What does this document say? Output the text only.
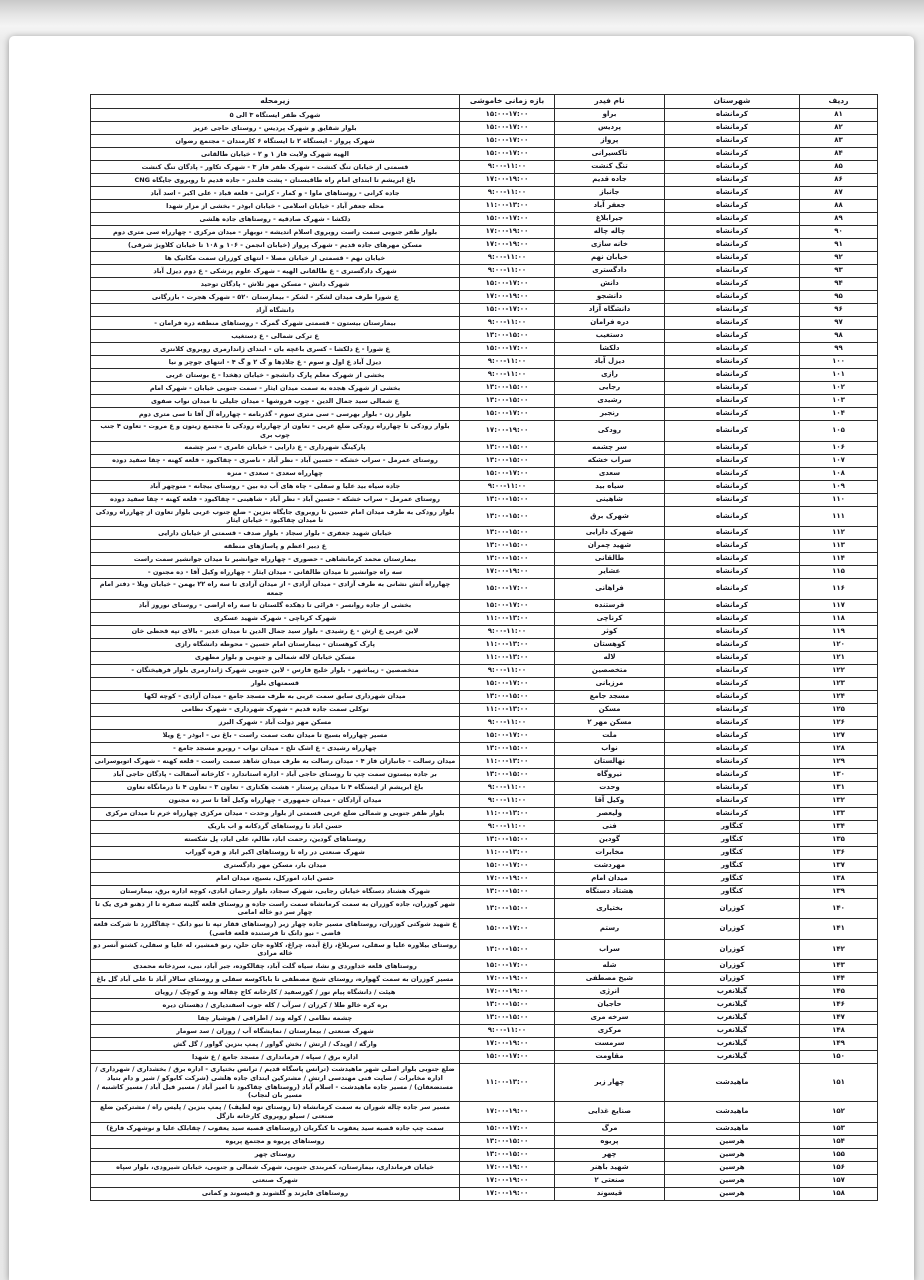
ردیف	شهرستان	نام فیدر	بازه زمانی خاموشی	زیرمحله
۸۱	کرمانشاه	براو	۱۵:۰۰-۱۷:۰۰	شهرک ظفر ایستگاه ۳ الی ۵
۸۲	کرمانشاه	پردیس	۱۵:۰۰-۱۷:۰۰	بلوار شقایق و شهرک پردیس - روستای حاجی عزیز
۸۳	کرمانشاه	پرواز	۱۵:۰۰-۱۷:۰۰	شهرک پرواز - ایستگاه ۲ تا ایستگاه ۶ کارمندان - مجتمع رضوان
۸۴	کرمانشاه	تاکسیرانی	۱۵:۰۰-۱۷:۰۰	الهیه شهرک ولایت فاز ۱ و ۲ - خیابان طالقانی
۸۵	کرمانشاه	تنگ کنشت	۹:۰۰-۱۱:۰۰	قسمتی از خیابان تنگ کنشت - شهرک ظفر فاز ۳ - شهرک تکاور - پادگان تنگ کنشت
۸۶	کرمانشاه	جاده قدیم	۱۷:۰۰-۱۹:۰۰	باغ ابریشم تا ابتدای امام راه طاقبستان - پشت قلندر - جاده قدیم تا روبروی جایگاه CNG
۸۷	کرمانشاه	جانباز	۹:۰۰-۱۱:۰۰	جاده کرانی - روستاهای ماوا - و کمار - کرانی - قلعه قباد - علی اکبر - اسد آباد
۸۸	کرمانشاه	جعفر آباد	۱۱:۰۰-۱۳:۰۰	محله جعفر آباد - خیابان اسلامی - خیابان ابوذر - بخشی از مزار شهدا
۸۹	کرمانشاه	جیرابلاغ	۱۵:۰۰-۱۷:۰۰	دلکشا - شهرک صادقیه - روستاهای جاده هلشی
۹۰	کرمانشاه	چاله چاله	۱۷:۰۰-۱۹:۰۰	بلوار ظفر جنوبی سمت راست روبروی اسلام اندیشه - نوبهار - میدان مرکزی - چهارراه سی متری دوم
۹۱	کرمانشاه	خانه سازی	۱۷:۰۰-۱۹:۰۰	مسکن مهرهای جاده قدیم - شهرک پرواز (خیابان انجمن - ۱۰۶ و ۱۰۸ تا خیابان کلاویژ شرقی)
۹۲	کرمانشاه	خیابان نهم	۹:۰۰-۱۱:۰۰	خیابان نهم - قسمتی از خیابان مصلا - انتهای کوزران سمت مکانیک ها
۹۳	کرمانشاه	دادگستری	۹:۰۰-۱۱:۰۰	شهرک دادگستری - ع طالقانی الهیه - شهرک علوم پزشکی - ع دوم دیزل آباد
۹۴	کرمانشاه	دانش	۱۵:۰۰-۱۷:۰۰	شهرک دانش - مسکن مهر تلاش - پادگان توحید
۹۵	کرمانشاه	دانشجو	۱۷:۰۰-۱۹:۰۰	ع شورا طرف میدان لشکر - لشکر - بیمارستان ۵۲۰ - شهرک هجرت - بازرگانی
۹۶	کرمانشاه	دانشگاه آزاد	۱۵:۰۰-۱۷:۰۰	دانشگاه آزاد
۹۷	کرمانشاه	دره فرامان	۹:۰۰-۱۱:۰۰	بیمارستان بیستون - قسمتی شهرک گمرک - روستاهای منطقه دره فرامان -
۹۸	کرمانشاه	دستغیب	۱۳:۰۰-۱۵:۰۰	ع ترکی شمالی - ع دستغیب
۹۹	کرمانشاه	دلکشا	۱۵:۰۰-۱۷:۰۰	ع شورا - ع دلکشا - کسری باغچه بان - ابتدای ژاندارمری روبروی کلانتری
۱۰۰	کرمانشاه	دیزل آباد	۹:۰۰-۱۱:۰۰	دیزل آباد ع اول و سوم - ع جلادها و گ ۲ و گ ۴ - انتهای جوچر و نیا
۱۰۱	کرمانشاه	رازی	۹:۰۰-۱۱:۰۰	بخشی از شهرک معلم پارک دانشجو - خیابان دهخدا - ع بوستان غربی
۱۰۲	کرمانشاه	رجایی	۱۳:۰۰-۱۵:۰۰	بخشی از شهرک هجده به سمت میدان ایثار - سمت جنوبی خیابان - شهرک امام
۱۰۳	کرمانشاه	رشیدی	۱۳:۰۰-۱۵:۰۰	ع شمالی سید جمال الدین - چوب فروشها - میدان جلیلی تا میدان نواب صفوی
۱۰۴	کرمانشاه	رنجبر	۱۵:۰۰-۱۷:۰۰	بلوار زن - بلوار بهرسی - سی متری سوم - گذرنامه - چهارراه آل آقا تا سی متری دوم
۱۰۵	کرمانشاه	رودکی	۱۷:۰۰-۱۹:۰۰	بلوار رودکی تا چهارراه رودکی ضلع غربی - تعاون از چهارراه رودکی تا مجتمع زیتون و ع مروت - تعاون ۴ جنب چوب بری
۱۰۶	کرمانشاه	سر چشمه	۱۳:۰۰-۱۵:۰۰	پارکینگ شهرداری - ع دارایی - خیابان عامری - سر چشمه
۱۰۷	کرمانشاه	سراب خشکه	۱۳:۰۰-۱۵:۰۰	روستای عمرمل - سراب خشکه - حسین آباد - نظر آباد - ناصری - چقاکبود - قلعه کهنه - چقا سفید دوده
۱۰۸	کرمانشاه	سعدی	۱۵:۰۰-۱۷:۰۰	چهارراه سعدی - سعدی - منزه
۱۰۹	کرمانشاه	سیاه بید	۹:۰۰-۱۱:۰۰	جاده سیاه بید علیا و سفلی - چاه های آب ده بین - روستای بیجانه - منوچهر آباد
۱۱۰	کرمانشاه	شاهینی	۱۳:۰۰-۱۵:۰۰	روستای عمرمل - سراب خشکه - حسین آباد - نظر آباد - شاهینی - چقاکبود - قلعه کهنه - چقا سفید دوده
۱۱۱	کرمانشاه	شهرک برق	۱۳:۰۰-۱۵:۰۰	بلوار رودکی به طرف میدان امام حسین تا روبروی جایگاه بنزین - ضلع جنوب غربی بلوار تعاون از چهارراه رودکی تا میدان چقاکبود - خیابان ایثار
۱۱۲	کرمانشاه	شهرک دارایی	۱۳:۰۰-۱۵:۰۰	خیابان شهید جعفری - بلوار سجاد - بلوار صدف - قسمتی از خیابان دارایی
۱۱۳	کرمانشاه	شهید چمران	۱۳:۰۰-۱۵:۰۰	ع دبیر اعظم و پاساژهای منطقه
۱۱۴	کرمانشاه	طالقانی	۱۳:۰۰-۱۵:۰۰	بیمارستان محمد کرمانشاهی - حصوری - چهارراه جوانشیر تا میدان جوانشیر سمت راست
۱۱۵	کرمانشاه	عشایر	۱۷:۰۰-۱۹:۰۰	سه راه جوانشیر تا میدان طالقانی - میدان ایثار - چهارراه وکیل آقا - ده مجنون -
۱۱۶	کرمانشاه	فراهانی	۱۵:۰۰-۱۷:۰۰	چهارراه آتش نشانی به طرف آزادی - میدان آزادی - از میدان آزادی تا سه راه ۲۲ بهمن - خیابان ویلا - دفتر امام جمعه
۱۱۷	کرمانشاه	فرستنده	۱۵:۰۰-۱۷:۰۰	بخشی از جاده روانسر - قرائی تا دهکده گلستان تا سه راه اراضی - روستای نوروز آباد
۱۱۸	کرمانشاه	کرناچی	۱۱:۰۰-۱۳:۰۰	شهرک کرناچی - شهرک شهید عسکری
۱۱۹	کرمانشاه	کوثر	۹:۰۰-۱۱:۰۰	لاین غربی ع ارش - ع رشیدی - بلوار سید جمال الدین تا میدان غدیر - بالای تپه قحطی خان
۱۲۰	کرمانشاه	کوهستان	۱۱:۰۰-۱۳:۰۰	پارک کوهستان - بیمارستان امام حسین - محوطه دانشگاه رازی
۱۲۱	کرمانشاه	لاله	۱۱:۰۰-۱۳:۰۰	مسکن خیابان لاله شمالی و جنوبی و بلوار مطهری
۱۲۲	کرمانشاه	متخصصین	۹:۰۰-۱۱:۰۰	متخصصین - زیباشهر - بلوار خلیج فارس - لاین جنوبی شهرک ژاندارمری بلوار فرهیختگان -
۱۲۳	کرمانشاه	مرزبانی	۱۵:۰۰-۱۷:۰۰	قسمتهای بلوار
۱۲۴	کرمانشاه	مسجد جامع	۱۳:۰۰-۱۵:۰۰	میدان شهرداری سابق سمت غربی به طرف مسجد جامع - میدان آزادی - کوچه لکها
۱۲۵	کرمانشاه	مسکن	۱۱:۰۰-۱۳:۰۰	توکلی سمت جاده قدیم - شهرک شهرداری - شهرک نظامی
۱۲۶	کرمانشاه	مسکن مهر ۲	۹:۰۰-۱۱:۰۰	مسکن مهر دولت آباد - شهرک البرز
۱۲۷	کرمانشاه	ملت	۱۵:۰۰-۱۷:۰۰	مسیر چهارراه بسیج تا میدان نفت سمت راست - باغ نی - ابوذر - ع ویلا
۱۲۸	کرمانشاه	نواب	۱۳:۰۰-۱۵:۰۰	چهارراه رشیدی - ع اشک تلخ - میدان نواب - روبرو مسجد جامع -
۱۲۹	کرمانشاه	نهالستان	۱۱:۰۰-۱۳:۰۰	میدان رسالت - جانبازان فاز ۴ - میدان رسالت به طرف میدان شاهد سمت راست - قلعه کهنه - شهرک اتوبوسرانی
۱۳۰	کرمانشاه	نیروگاه	۱۳:۰۰-۱۵:۰۰	بر جاده بیستون سمت چپ تا روستای حاجی آباد - اداره استاندارد - کارخانه آسفالت - پادگان حاجی آباد
۱۳۱	کرمانشاه	وحدت	۹:۰۰-۱۱:۰۰	باغ ابریشم از ایستگاه ۴ تا میدان پرستار - هشت هکتاری - تعاون ۳ - تعاون ۴ تا درمانگاه تعاون
۱۳۲	کرمانشاه	وکیل آقا	۹:۰۰-۱۱:۰۰	میدان آزادگان - میدان جمهوری - چهارراه وکیل آقا تا سر ده مجنون
۱۳۳	کرمانشاه	ولیعصر	۱۱:۰۰-۱۳:۰۰	بلوار ظفر جنوبی و شمالی ضلع غربی قسمتی از بلوار وحدت - میدان مرکزی چهارراه خرم تا میدان مرکزی
۱۳۴	کنگاور	فنی	۹:۰۰-۱۱:۰۰	حسن اباد تا روستاهای گردکانه و اب باریک
۱۳۵	کنگاور	گودین	۱۳:۰۰-۱۵:۰۰	روستاهای گودین، رحمت اباد، طالم، علی اباد، پل شکسته
۱۳۶	کنگاور	مخابرات	۱۱:۰۰-۱۳:۰۰	شهرک صنعتی در راه تا روستاهای اکبر اباد و قره گوراب
۱۳۷	کنگاور	مهردشت	۱۵:۰۰-۱۷:۰۰	میدان بار، مسکن مهر دادگستری
۱۳۸	کنگاور	میدان امام	۱۷:۰۰-۱۹:۰۰	حسن اباد، امورکل، بسیج، میدان امام
۱۳۹	کنگاور	هشتاد دستگاه	۱۳:۰۰-۱۵:۰۰	شهرک هشتاد دستگاه خیابان رجایی، شهرک سجاد، بلوار رحمان ابادی، کوچه اداره برق، بیمارستان
۱۴۰	کوزران	بختیاری	۱۳:۰۰-۱۵:۰۰	شهر کوزران، جاده کوزران به سمت کرمانشاه سمت راست جاده و روستای قلعه گلینه سفره تا از دهنو قری یک تا چهار سر دو خاله امامی
۱۴۱	کوزران	رستم	۱۵:۰۰-۱۷:۰۰	ع شهید شوکتی کوزران، روستاهای مسیر جاده چهار زبر (روستاهای فقار تپه تا نیو دانک - چقاگلزرد تا شرکت قلعه قاضی - نیو دانک تا فرستنده قلعه قاضی)
۱۴۲	کوزران	سراب	۱۳:۰۰-۱۵:۰۰	روستای بیلاوره علیا و سفلی، سربلاغ، زاغ آبده، چراغ، کلاوه جان حلن، رنو قمشیر، له علیا و سفلی، کشتو آنسر دو خاله مرادی
۱۴۳	کوزران	شله	۱۵:۰۰-۱۷:۰۰	روستاهای قلعه خداوردی و نشا، سیاه گلت آباد، چقالکوده، جبر آباد، نبی، سردخانه محمدی
۱۴۴	کوزران	شیخ مصطفی	۱۷:۰۰-۱۹:۰۰	مسیر کوزران به سمت گهواره، روستای شیخ مصطفی تا باباکوسه سفلی و روستای سالار آباد تا علی آباد گل باغ
۱۴۵	گیلانغرب	انرژی	۱۷:۰۰-۱۹:۰۰	هیئت / دانشگاه پیام نور / کورسفید / کارخانه کاج چقاله وند و کوچک / رویان
۱۴۶	گیلانغرب	حاجیان	۱۳:۰۰-۱۵:۰۰	بره کره خالو طلا / کرزان / سرآب / کله جوب اسفندیاری / دهستان دیره
۱۴۷	گیلانغرب	سرخه مری	۱۳:۰۰-۱۵:۰۰	چشمه نظامی / کوله وند / اطرافی / هوشیار چقا
۱۴۸	گیلانغرب	مرکزی	۹:۰۰-۱۱:۰۰	شهرک صنعتی / بیمارستان / نمایشگاه آب / روزان / سد سومار
۱۴۹	گیلانغرب	سرمست	۱۷:۰۰-۱۹:۰۰	وارگه / اویدک / ارتش / بخش گواور / پمپ بنزین گواور / گل گش
۱۵۰	گیلانغرب	مقاومت	۱۵:۰۰-۱۷:۰۰	اداره برق / سپاه / فرمانداری / مسجد جامع / ع شهدا
۱۵۱	ماهیدشت	چهار زبر	۱۱:۰۰-۱۳:۰۰	ضلع جنوبی بلوار اصلی شهر ماهیدشت (ترانس پاسگاه قدیم / ترانس بختیاری - اداره برق / بخشداری / شهرداری / اداره مخابرات / سایت فنی مهندسی ارتش / مشترکین ابتدای جاده هلشی (شرکت کابوکو / شیر و دام بنیاد مستضعفان) / مسیر جاده ماهیدشت - اسلام آباد (روستاهای چقاکبود تا امیر آباد / مسیر فیل آباد / مسیر کاشنبه / مسیر بان لنجاب)
۱۵۲	ماهیدشت	صنایع غذایی	۱۷:۰۰-۱۹:۰۰	مسیر سر جاده چاله شوران به سمت کرمانشاه (تا روستای نوه لطیف) / پمپ بنزین / پلیس راه / مشترکین ضلع صنعتی / سیلو روبروی کارخانه نازگل
۱۵۳	ماهیدشت	مرگ	۱۵:۰۰-۱۷:۰۰	سمت چپ جاده قصبه سید یعقوب تا کنگربان (روستاهای قصبه سید یعقوب / چقابلک علیا و نوشهرک فارغ)
۱۵۴	هرسین	پریوه	۱۳:۰۰-۱۵:۰۰	روستاهای پریوه و مجتمع پریوه
۱۵۵	هرسین	چهر	۱۳:۰۰-۱۵:۰۰	روستای چهر
۱۵۶	هرسین	شهید باهنر	۱۷:۰۰-۱۹:۰۰	خیابان فرمانداری، بیمارستان، کمربندی جنوبی، شهرک شمالی و جنوبی، خیابان شیرودی، بلوار سپاه
۱۵۷	هرسین	صنعتی ۲	۱۷:۰۰-۱۹:۰۰	شهرک صنعتی
۱۵۸	هرسین	قیسوند	۱۷:۰۰-۱۹:۰۰	روستاهای فایزند و گلشوند و قیسوند و کمانی
